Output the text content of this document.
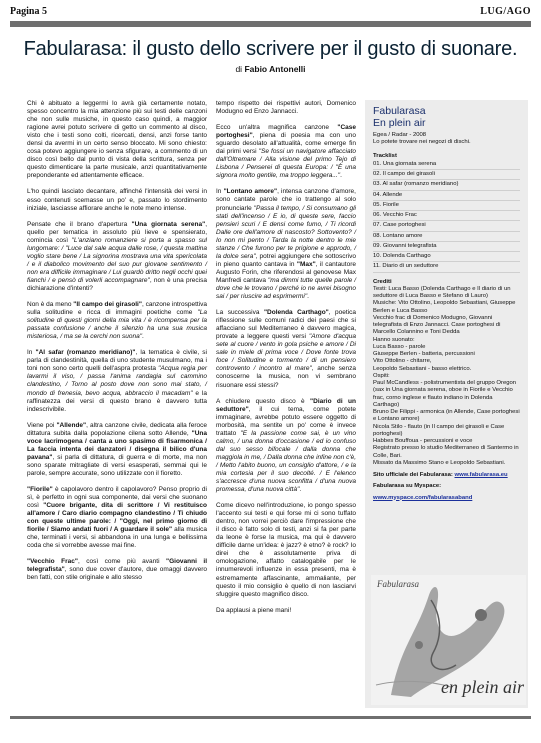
Pagina 5	LUG/AGO
Fabularasa: il gusto dello scrivere per il gusto di suonare.
di Fabio Antonelli

Chi è abituato a leggermi lo avrà già certamente notato, spesso concentro la mia attenzione più sui testi delle canzoni che non sulle musiche, in questo caso quindi, a maggior ragione avrei potuto scrivere di getto un commento al disco, visto che i testi sono colti, ricercati, densi, anzi forse tanto densi da avermi in un certo senso bloccato. Mi sono chiesto: cosa potevo aggiungere io senza sfigurare, a commento di un disco così bello dal punto di vista della scrittura, senza per questo dimenticare la parte musicale, anzi quantitativamente preponderante ed attentamente efficace.

L'ho quindi lasciato decantare, affinché l'intensità dei versi in esso contenuti scemasse un po' e, passato lo stordimento iniziale, lasciasse affiorare anche le note meno intense.

Pensate che il brano d'apertura "Una giornata serena", quello per tematica in assoluto più lieve e spensierato, comincia così "L'anziano romanziere si porta a spasso sul lungomare: / "Luce dal sale acqua dalle rose, / questa mattina voglio stare bene / La signorina mostrava una vita spericolata / e il diabolico movimento del suo pur giovane sentimento / non era difficile immaginare / Lui guardò dritto negli occhi quei fianchi / e pensò di volerli accompagnare", non è una precisa dichiarazione d'intenti?

Non è da meno "Il campo dei girasoli", canzone introspettiva sulla solitudine e ricca di immagini poetiche come "La solitudine di questi giorni della mia vita / è ricompensa per la passata confusione / anche il silenzio ha una sua musica misteriosa, / ma se la cerchi non suona".

In "Al safar (romanzo meridiano)", la tematica è civile, si parla di clandestinità, quella di uno studente musulmano, ma i toni non sono certo quelli dell'aspra protesta "Acqua regia per lavarmi il viso, / passa l'anima randagia sul cammino clandestino, / Torno al posto dove non sono mai stato, / mondo di frenesia, bevo acqua, abbraccio il macadam" e la raffinatezza dei versi di questo brano è davvero tutta indescrivibile.

Viene poi "Allende", altra canzone civile, dedicata alla feroce dittatura subita dalla popolazione cilena sotto Allende, "Una voce lacrimogena / canta a uno spasimo di fisarmonica / La faccia intenta dei danzatori / disegna il bilico d'una pavana", si parla di dittatura, di guerra e di morte, ma non sono sparate mitragliate di versi esasperati, semmai qui le parole, sempre accurate, sono utilizzate con il fioretto.

"Fiorile" è capolavoro dentro il capolavoro? Penso proprio di sì, è perfetto in ogni sua componente, dai versi che suonano così "Cuore brigante, dita di scrittore / Vi restituisco all'amore / Caro diario compagno clandestino / Ti chiudo con queste ultime parole: / "Oggi, nel primo giorno di fiorile / Siamo andati fuori / A guardare il sole" alla musica che, terminati i versi, si abbandona in una lunga e bellissima coda che si vorrebbe avesse mai fine.

"Vecchio Frac", così come più avanti "Giovanni il telegrafista", sono due cover d'autore, due omaggi davvero ben fatti, con stile originale e allo stesso

tempo rispetto dei rispettivi autori, Domenico Modugno ed Enzo Jannacci.

Ecco un'altra magnifica canzone "Case portoghesi", piena di poesia ma con uno sguardo desolato all'attualità, come emerge fin dai primi versi "Se fossi un navigatore affacciato dall'Oltremare / Alla visione del primo Tejo di Lisbona / Penserei di questa Europa: / "È una signora molto gentile, ma troppo leggera...".

In "Lontano amore", intensa canzone d'amore, sono cantate parole che io trattengo al solo pronunciarle "Passa il tempo, / Si consumano gli stati dell'incenso / E io, di queste sere, faccio pensieri scuri / E densi come fumo, / Ti ricordi Dalle ore dell'amore di nascosto? Sottovento? / Io non mi pento / Tarda la notte dentro le mie stanze / Che furono per te prigione e approdo, / la dolce sera", potrei aggiungere che sottoscrivo in pieno quanto cantava in "Max", il cantautore Augusto Forin, che riferendosi al genovese Max Manfredi cantava "ma dimmi tutte quelle parole / dove che le trovano / perché io ne avrei bisogno sai / per riuscire ad esprimermi".

La successiva "Dolenda Carthago", poetica riflessione sulle comuni radici dei paesi che si affacciano sul Mediterraneo è davvero magica, provate a leggere questi versi "Amore d'acqua sete al cuore / vento in gola psiche e amore / Di sale in miele di prima voce / Dove fonte trova foce / Solitudine e tormento / di un pensiero controvento / incontro al mare", anche senza conoscerne la musica, non vi sembrano risuonare essi stessi?

A chiudere questo disco è "Diario di un seduttore", il cui tema, come potete immaginare, avrebbe potuto essere oggetto di morbosità, ma sentite un po' come è invece trattato "E la passione come sai, è un vino calmo, / una donna d'occasione / ed io confuso dal suo sesso bifocale / dalla donna che maggiola in me, / Dalla donna che infine non c'è, / Metto l'abito buono, un consiglio d'attore, / e la mia cortesia per il suo decolté. / E l'elenco s'accresce d'una nuova sconfitta / d'una nuova promessa, d'una nuova città".

Come dicevo nell'introduzione, io pongo spesso l'accento sui testi e qui forse mi ci sono tuffato dentro, non vorrei perciò dare l'impressione che il disco è fatto solo di testi, anzi si fa per parte da leone è forse la musica, ma qui è davvero difficile darne un'idea: è jazz? è etno? è rock? Io direi che è assolutamente priva di omologazione, affatto catalogabile per le innumerevoli influenze in essa presenti, ma è estremamente affascinante, ammaliante, per questo il mio consiglio è quello di non lasciarvi sfuggire questo magnifico disco.

Da applausi a piene mani!

Fabularasa
En plein air
Egea / Radar - 2008
Lo potete trovare nei negozi di dischi.
Tracklist
01. Una giornata serena
02. Il campo dei girasoli
03. Al safar (romanzo meridiano)
04. Allende
05. Fiorile
06. Vecchio Frac
07. Case portoghesi
08. Lontano amore
09. Giovanni telegrafista
10. Dolenda Carthago
11. Diario di un seduttore
Crediti
Testi: Luca Basso (Dolenda Carthago e Il diario di un seduttore di Luca Basso e Stefano di Lauro)
Musiche: Vito Ottolino, Leopoldo Sebastiani, Giuseppe Berlen e Luca Basso
Vecchio frac di Domenico Modugno, Giovanni telegrafista di Enzo Jannacci. Case portoghesi di Marcello Colannino e Toni Dedda
Hanno suonato:
Luca Basso - parole
Giuseppe Berlen - batteria, percussioni
Vito Ottolino - chitarre,
Leopoldo Sebastiani - basso elettrico.
Ospiti:
Paul McCandless - polistrumentista del gruppo Oregon (sax in Una giornata serena, oboe in Fiorile e Vecchio frac, corno inglese e flauto indiano in Dolenda Carthago)
Bruno De Filippi - armonica (in Allende, Case portoghesi e Lontano amore)
Nicola Stilo - flauto (in Il campo dei girasoli e Case portoghesi)
Habbes Bouffoua - percussioni e voce
Registrato presso lo studio Mediterraneo di Santermo in Colle, Bari.
Missato da Massimo Stano e Leopoldo Sebastiani.
Sito ufficiale dei Fabularasa: www.fabularasa.eu
Fabularasa su Myspace:
www.myspace.com/fabularasaband
Fabularasa
en plein air
